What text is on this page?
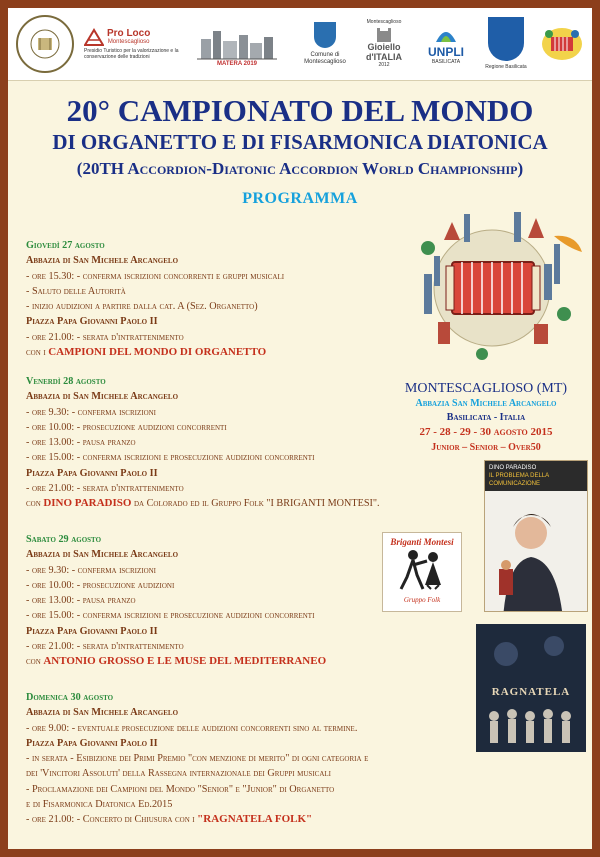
Pro Loco
Montescaglioso
Presidio Turistico per la valorizzazione e la conservazione delle tradizioni
MATERA 2019
Comune di Montescaglioso
Montescaglioso
Gioiello d'ITALIA
2012
UNPLI
BASILICATA
Regione Basilicata
20° CAMPIONATO DEL MONDO
DI ORGANETTO E DI FISARMONICA DIATONICA
(20TH Accordion-Diatonic Accordion World Championship)
PROGRAMMA
MONTESCAGLIOSO (MT)
Abbazia San Michele Arcangelo
Basilicata - Italia
27 - 28 - 29 - 30 agosto 2015
Junior – Senior – Over50
DINO PARADISO
IL PROBLEMA DELLA COMUNICAZIONE
Briganti Montesi
Gruppo Folk
RAGNATELA
Giovedì 27 agosto
Abbazia di San Michele Arcangelo
- ore 15.30: - conferma iscrizioni concorrenti e gruppi musicali
- Saluto delle Autorità
- inizio audizioni a partire dalla cat. A (Sez. Organetto)
Piazza Papa Giovanni Paolo II
- ore 21.00: - serata d'intrattenimento
con i CAMPIONI DEL MONDO DI ORGANETTO
Venerdì 28 agosto
Abbazia di San Michele Arcangelo
- ore 9.30: - conferma iscrizioni
- ore 10.00: - prosecuzione audizioni concorrenti
- ore 13.00: - pausa pranzo
- ore 15.00: - conferma iscrizioni e prosecuzione audizioni concorrenti
Piazza Papa Giovanni Paolo II
- ore 21.00: - serata d'intrattenimento
con DINO PARADISO da Colorado ed il Gruppo Folk "I BRIGANTI MONTESI".
Sabato 29 agosto
Abbazia di San Michele Arcangelo
- ore 9.30: - conferma iscrizioni
- ore 10.00: - prosecuzione audizioni
- ore 13.00: - pausa pranzo
- ore 15.00: - conferma iscrizioni e prosecuzione audizioni concorrenti
Piazza Papa Giovanni Paolo II
- ore 21.00: - serata d'intrattenimento
con ANTONIO GROSSO E LE MUSE DEL MEDITERRANEO
Domenica 30 agosto
Abbazia di San Michele Arcangelo
- ore 9.00: - eventuale prosecuzione delle audizioni concorrenti sino al termine.
Piazza Papa Giovanni Paolo II
- in serata - Esibizione dei Primi Premio "con menzione di merito" di ogni categoria e
dei 'Vincitori Assoluti' della Rassegna internazionale dei Gruppi musicali
- Proclamazione dei Campioni del Mondo "Senior" e "Junior" di Organetto
e di Fisarmonica Diatonica Ed.2015
- ore 21.00: - Concerto di Chiusura con i "RAGNATELA FOLK"
